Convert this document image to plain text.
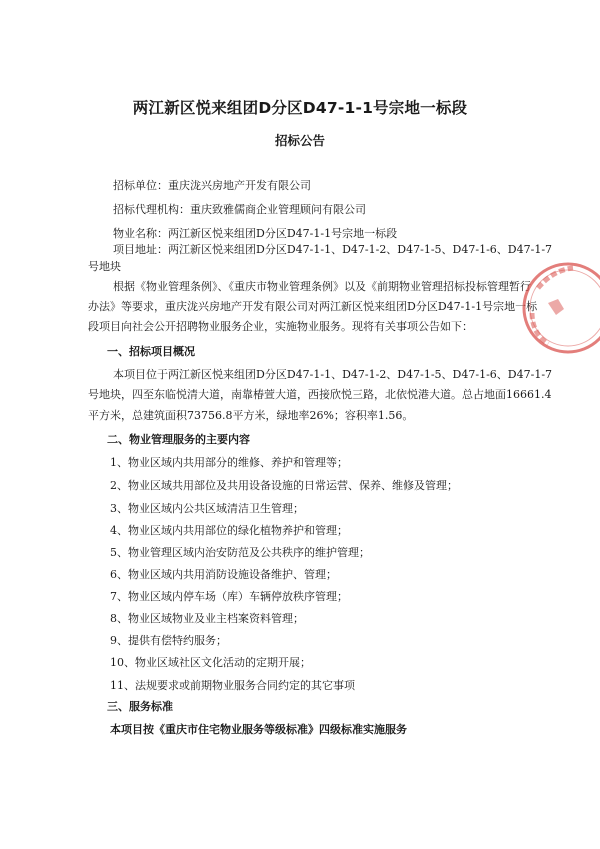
两江新区悦来组团D分区D47-1-1号宗地一标段
招标公告
招标单位：重庆泷兴房地产开发有限公司
招标代理机构：重庆致雅儒商企业管理顾问有限公司
物业名称：两江新区悦来组团D分区D47-1-1号宗地一标段
项目地址：两江新区悦来组团D分区D47-1-1、D47-1-2、D47-1-5、D47-1-6、D47-1-7
号地块
根据《物业管理条例》、《重庆市物业管理条例》以及《前期物业管理招标投标管理暂行
办法》等要求，重庆泷兴房地产开发有限公司对两江新区悦来组团D分区D47-1-1号宗地一标
段项目向社会公开招聘物业服务企业，实施物业服务。现将有关事项公告如下：
一、招标项目概况
本项目位于两江新区悦来组团D分区D47-1-1、D47-1-2、D47-1-5、D47-1-6、D47-1-7
号地块，四至东临悦清大道，南靠椿萱大道，西接欣悦三路，北依悦港大道。总占地面16661.4
平方米，总建筑面积73756.8平方米，绿地率26%；容积率1.56。
二、物业管理服务的主要内容
1、物业区域内共用部分的维修、养护和管理等；
2、物业区域共用部位及共用设备设施的日常运营、保养、维修及管理；
3、物业区域内公共区域清洁卫生管理；
4、物业区域内共用部位的绿化植物养护和管理；
5、物业管理区域内治安防范及公共秩序的维护管理；
6、物业区域内共用消防设施设备维护、管理；
7、物业区域内停车场（库）车辆停放秩序管理；
8、物业区域物业及业主档案资料管理；
9、提供有偿特约服务；
10、物业区域社区文化活动的定期开展；
11、法规要求或前期物业服务合同约定的其它事项
三、服务标准
本项目按《重庆市住宅物业服务等级标准》四级标准实施服务
